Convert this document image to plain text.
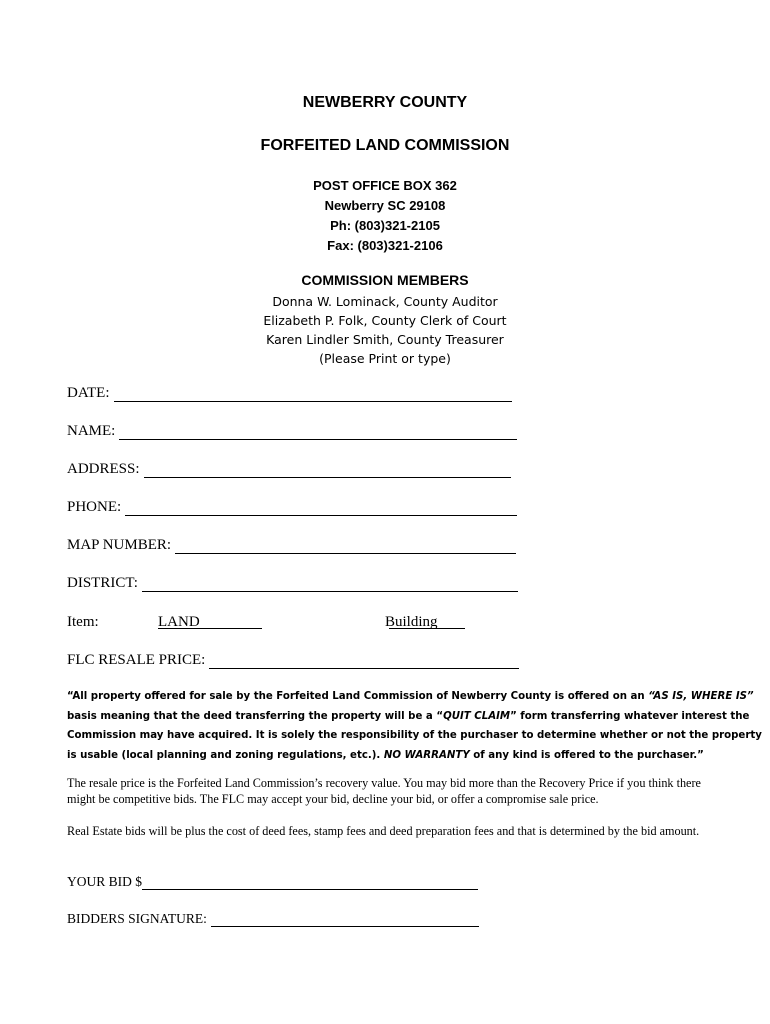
NEWBERRY COUNTY
FORFEITED LAND COMMISSION
POST OFFICE BOX 362
Newberry SC 29108
Ph: (803)321-2105
Fax: (803)321-2106
COMMISSION MEMBERS
Donna W. Lominack, County Auditor
Elizabeth P. Folk, County Clerk of Court
Karen Lindler Smith, County Treasurer
(Please Print or type)
DATE:
NAME:
ADDRESS:
PHONE:
MAP NUMBER:
DISTRICT:
Item:	LAND	Building
FLC RESALE PRICE:
“All property offered for sale by the Forfeited Land Commission of Newberry County is offered on an “AS IS, WHERE IS”
basis meaning that the deed transferring the property will be a “QUIT CLAIM” form transferring whatever interest the
Commission may have acquired. It is solely the responsibility of the purchaser to determine whether or not the property
is usable (local planning and zoning regulations, etc.). NO WARRANTY of any kind is offered to the purchaser.”
The resale price is the Forfeited Land Commission’s recovery value. You may bid more than the Recovery Price if you think there might be competitive bids. The FLC may accept your bid, decline your bid, or offer a compromise sale price.
Real Estate bids will be plus the cost of deed fees, stamp fees and deed preparation fees and that is determined by the bid amount.
YOUR BID $
BIDDERS SIGNATURE:
